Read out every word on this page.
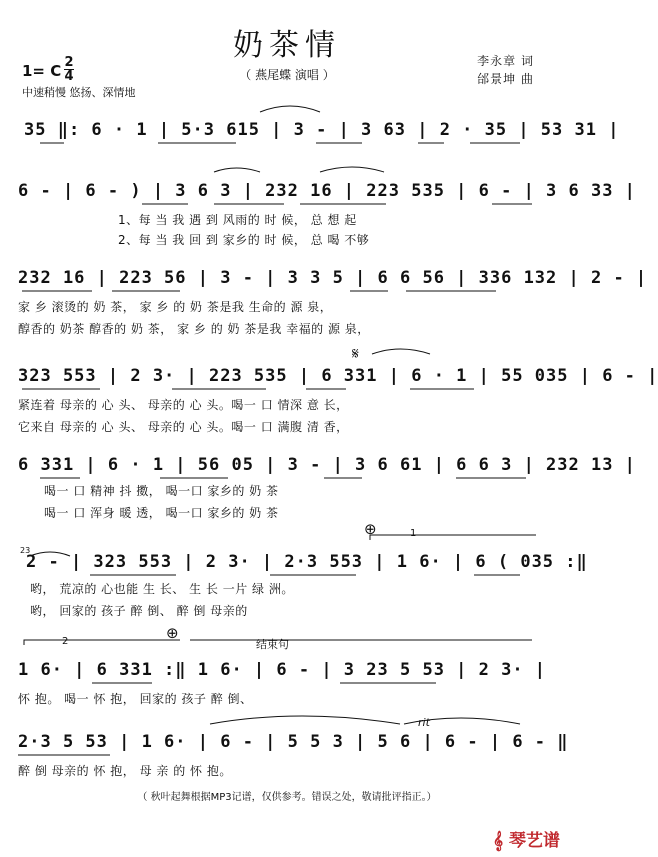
奶茶情
（ 燕尾蝶 演唱 ）
李永章 词
邰景坤 曲
1= C 2
4
中速稍慢 悠扬、深情地
35 ‖: 6 · 1 | 5·3 615 | 3 - | 3 63 | 2 · 35 | 53 31 |
6 - | 6 - ) | 3 6 3 | 232 16 | 223 535 | 6 - | 3 6 33 |
1、每 当 我 遇 到 风雨的 时 候， 总 想 起
2、每 当 我 回 到 家乡的 时 候， 总 喝 不够
232 16 | 223 56 | 3 - | 3 3 5 | 6 6 56 | 336 132 | 2 - |
家 乡 滚烫的 奶 茶， 家 乡 的 奶 茶是我 生命的 源 泉，
醇香的 奶茶 醇香的 奶 茶， 家 乡 的 奶 茶是我 幸福的 源 泉，
323 553 | 2 3· | 223 535 | 6 331 | 6 · 1 | 55 035 | 6 - |
紧连着 母亲的 心 头、 母亲的 心 头。喝一 口 情深 意 长，
它来自 母亲的 心 头、 母亲的 心 头。喝一 口 满腹 清 香，
6 331 | 6 · 1 | 56 05 | 3 - | 3 6 61 | 6 6 3 | 232 13 |
喝一 口 精神 抖 擞， 喝一口 家乡的 奶 茶
喝一 口 浑身 暖 透， 喝一口 家乡的 奶 茶
2 - | 323 553 | 2 3· | 2·3 553 | 1 6· | 6 ( 035 :‖
哟， 荒凉的 心也能 生 长、 生 长 一片 绿 洲。
哟， 回家的 孩子 醉 倒、 醉 倒 母亲的
1 6· | 6 331 :‖ 1 6· | 6 - | 3 23 5 53 | 2 3· |
怀 抱。 喝一 怀 抱， 回家的 孩子 醉 倒、
2·3 5 53 | 1 6· | 6 - | 5 5 3 | 5 6 | 6 - | 6 - ‖
醉 倒 母亲的 怀 抱， 母 亲 的 怀 抱。
𝄋
⊕
⊕
1
2	结束句
rit
23
（ 秋叶起舞根据MP3记谱，仅供参考。错误之处，敬请批评指正。）
𝄞 琴艺谱
